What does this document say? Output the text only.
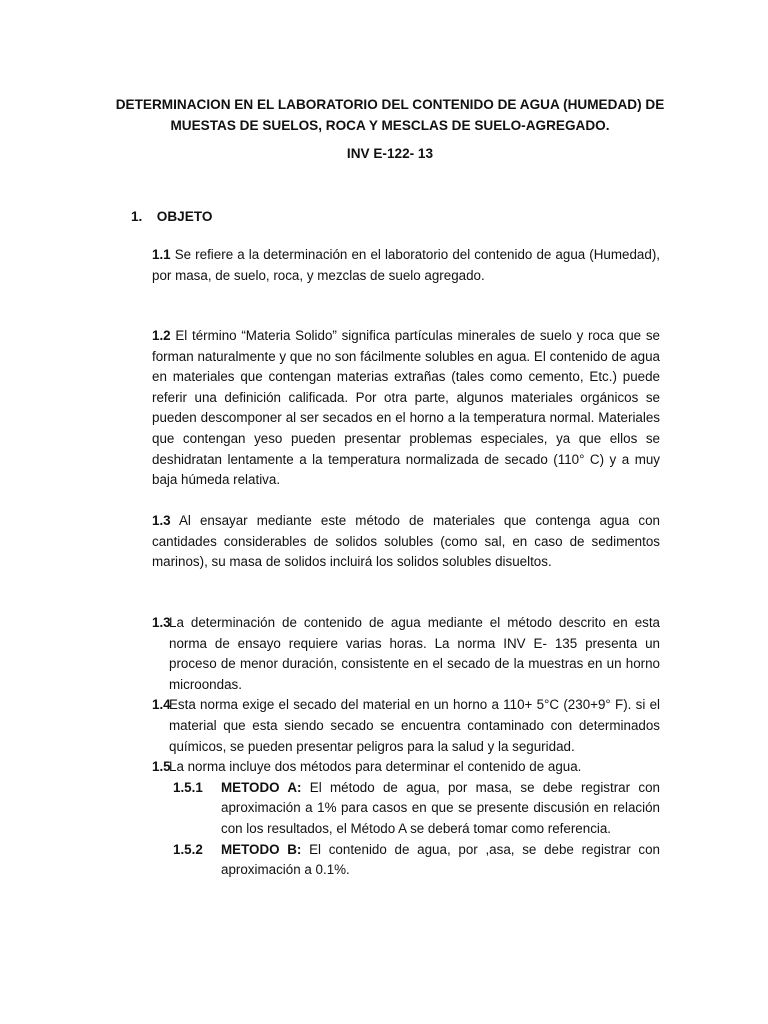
DETERMINACION EN EL LABORATORIO DEL CONTENIDO DE AGUA (HUMEDAD) DE
MUESTAS DE SUELOS, ROCA Y MESCLAS DE SUELO-AGREGADO.
INV E-122- 13
1. OBJETO
1.1 Se refiere a la determinación en el laboratorio del contenido de agua (Humedad), por masa, de suelo, roca, y mezclas de suelo agregado.
1.2 El término “Materia Solido” significa partículas minerales de suelo y roca que se forman naturalmente y que no son fácilmente solubles en agua. El contenido de agua en materiales que contengan materias extrañas (tales como cemento, Etc.) puede referir una definición calificada. Por otra parte, algunos materiales orgánicos se pueden descomponer al ser secados en el horno a la temperatura normal. Materiales que contengan yeso pueden presentar problemas especiales, ya que ellos se deshidratan lentamente a la temperatura normalizada de secado (110° C) y a muy baja húmeda relativa.
1.3 Al ensayar mediante este método de materiales que contenga agua con cantidades considerables de solidos solubles (como sal, en caso de sedimentos marinos), su masa de solidos incluirá los solidos solubles disueltos.
1.3
La determinación de contenido de agua mediante el método descrito en esta norma de ensayo requiere varias horas. La norma INV E- 135 presenta un proceso de menor duración, consistente en el secado de la muestras en un horno microondas.
1.4
Esta norma exige el secado del material en un horno a 110+ 5°C (230+9° F). si el material que esta siendo secado se encuentra contaminado con determinados químicos, se pueden presentar peligros para la salud y la seguridad.
1.5
La norma incluye dos métodos para determinar el contenido de agua.
1.5.1 METODO A: El método de agua, por masa, se debe registrar con aproximación a 1% para casos en que se presente discusión en relación con los resultados, el Método A se deberá tomar como referencia.
1.5.2 METODO B: El contenido de agua, por ,asa, se debe registrar con aproximación a 0.1%.
